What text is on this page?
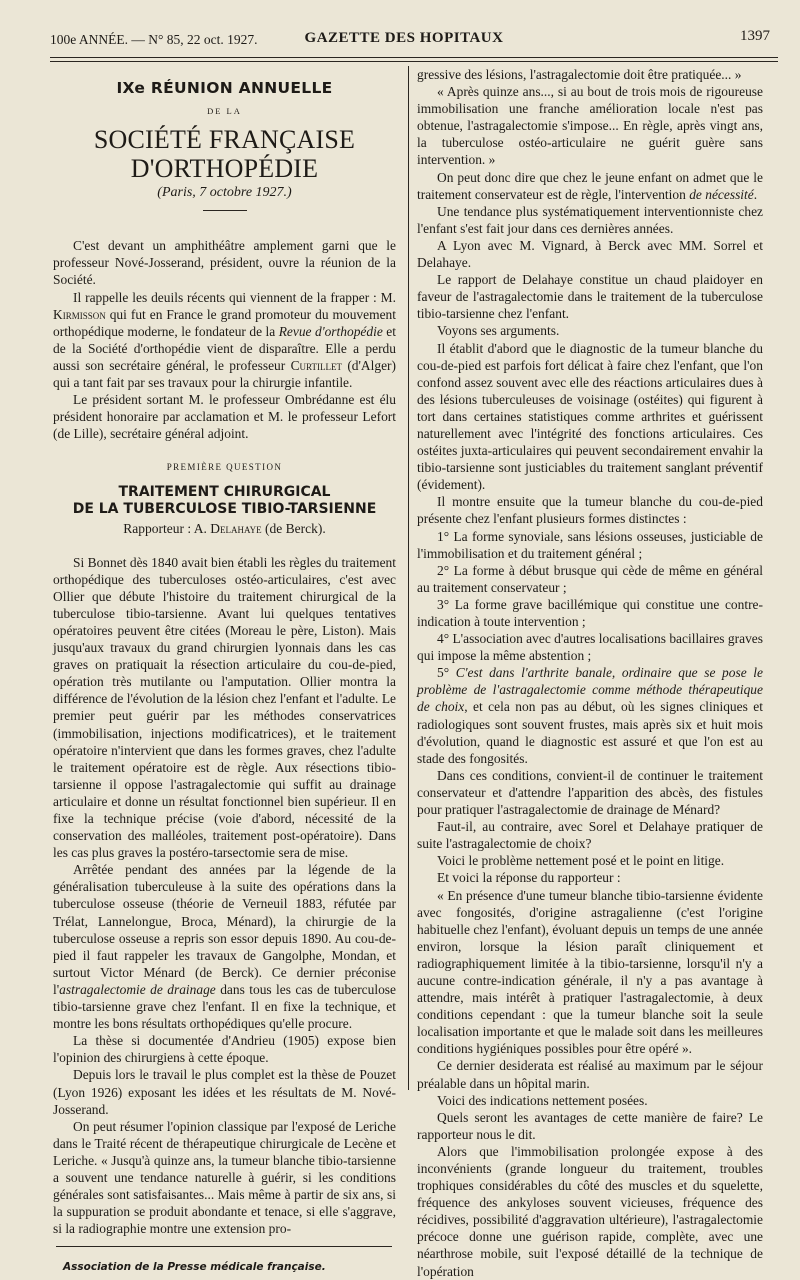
100e ANNÉE. — N° 85, 22 oct. 1927.	GAZETTE DES HOPITAUX	1397
IXe RÉUNION ANNUELLE
DE LA
SOCIÉTÉ FRANÇAISE D'ORTHOPÉDIE
(Paris, 7 octobre 1927.)

C'est devant un amphithéâtre amplement garni que le professeur Nové-Josserand, président, ouvre la réunion de la Société.

Il rappelle les deuils récents qui viennent de la frapper : M. Kirmisson qui fut en France le grand promoteur du mouvement orthopédique moderne, le fondateur de la Revue d'orthopédie et de la Société d'orthopédie vient de disparaître. Elle a perdu aussi son secrétaire général, le professeur Curtillet (d'Alger) qui a tant fait par ses travaux pour la chirurgie infantile.

Le président sortant M. le professeur Ombrédanne est élu président honoraire par acclamation et M. le professeur Lefort (de Lille), secrétaire général adjoint.

PREMIÈRE QUESTION
TRAITEMENT CHIRURGICAL
DE LA TUBERCULOSE TIBIO-TARSIENNE
Rapporteur : A. Delahaye (de Berck).

Si Bonnet dès 1840 avait bien établi les règles du traitement orthopédique des tuberculoses ostéo-articulaires, c'est avec Ollier que débute l'histoire du traitement chirurgical de la tuberculose tibio-tarsienne. Avant lui quelques tentatives opératoires peuvent être citées (Moreau le père, Liston). Mais jusqu'aux travaux du grand chirurgien lyonnais dans les cas graves on pratiquait la résection articulaire du cou-de-pied, opération très mutilante ou l'amputation. Ollier montra la différence de l'évolution de la lésion chez l'enfant et l'adulte. Le premier peut guérir par les méthodes conservatrices (immobilisation, injections modificatrices), et le traitement opératoire n'intervient que dans les formes graves, chez l'adulte le traitement opératoire est de règle. Aux résections tibio-tarsienne il oppose l'astragalectomie qui suffit au drainage articulaire et donne un résultat fonctionnel bien supérieur. Il en fixe la technique précise (voie d'abord, nécessité de la conservation des malléoles, traitement post-opératoire). Dans les cas plus graves la postéro-tarsectomie sera de mise.

Arrêtée pendant des années par la légende de la généralisation tuberculeuse à la suite des opérations dans la tuberculose osseuse (théorie de Verneuil 1883, réfutée par Trélat, Lannelongue, Broca, Ménard), la chirurgie de la tuberculose osseuse a repris son essor depuis 1890. Au cou-de-pied il faut rappeler les travaux de Gangolphe, Mondan, et surtout Victor Ménard (de Berck). Ce dernier préconise l'astragalectomie de drainage dans tous les cas de tuberculose tibio-tarsienne grave chez l'enfant. Il en fixe la technique, et montre les bons résultats orthopédiques qu'elle procure.

La thèse si documentée d'Andrieu (1905) expose bien l'opinion des chirurgiens à cette époque.

Depuis lors le travail le plus complet est la thèse de Pouzet (Lyon 1926) exposant les idées et les résultats de M. Nové-Josserand.

On peut résumer l'opinion classique par l'exposé de Leriche dans le Traité récent de thérapeutique chirurgicale de Lecène et Leriche. « Jusqu'à quinze ans, la tumeur blanche tibio-tarsienne a souvent une tendance naturelle à guérir, si les conditions générales sont satisfaisantes... Mais même à partir de six ans, si la suppuration se produit abondante et tenace, si elle s'aggrave, si la radiographie montre une extension pro-

Association de la Presse médicale française.

gressive des lésions, l'astragalectomie doit être pratiquée... »

« Après quinze ans..., si au bout de trois mois de rigoureuse immobilisation une franche amélioration locale n'est pas obtenue, l'astragalectomie s'impose... En règle, après vingt ans, la tuberculose ostéo-articulaire ne guérit guère sans intervention. »

On peut donc dire que chez le jeune enfant on admet que le traitement conservateur est de règle, l'intervention de nécessité.

Une tendance plus systématiquement interventionniste chez l'enfant s'est fait jour dans ces dernières années.

A Lyon avec M. Vignard, à Berck avec MM. Sorrel et Delahaye.

Le rapport de Delahaye constitue un chaud plaidoyer en faveur de l'astragalectomie dans le traitement de la tuberculose tibio-tarsienne chez l'enfant.

Voyons ses arguments.

Il établit d'abord que le diagnostic de la tumeur blanche du cou-de-pied est parfois fort délicat à faire chez l'enfant, que l'on confond assez souvent avec elle des réactions articulaires dues à des lésions tuberculeuses de voisinage (ostéites) qui figurent à tort dans certaines statistiques comme arthrites et guérissent naturellement avec l'intégrité des fonctions articulaires. Ces ostéites juxta-articulaires qui peuvent secondairement envahir la tibio-tarsienne sont justiciables du traitement sanglant préventif (évidement).

Il montre ensuite que la tumeur blanche du cou-de-pied présente chez l'enfant plusieurs formes distinctes :

1° La forme synoviale, sans lésions osseuses, justiciable de l'immobilisation et du traitement général ;

2° La forme à début brusque qui cède de même en général au traitement conservateur ;

3° La forme grave bacillémique qui constitue une contre-indication à toute intervention ;

4° L'association avec d'autres localisations bacillaires graves qui impose la même abstention ;

5° C'est dans l'arthrite banale, ordinaire que se pose le problème de l'astragalectomie comme méthode thérapeutique de choix, et cela non pas au début, où les signes cliniques et radiologiques sont souvent frustes, mais après six et huit mois d'évolution, quand le diagnostic est assuré et que l'on est au stade des fongosités.

Dans ces conditions, convient-il de continuer le traitement conservateur et d'attendre l'apparition des abcès, des fistules pour pratiquer l'astragalectomie de drainage de Ménard?

Faut-il, au contraire, avec Sorel et Delahaye pratiquer de suite l'astragalectomie de choix?

Voici le problème nettement posé et le point en litige.

Et voici la réponse du rapporteur :

« En présence d'une tumeur blanche tibio-tarsienne évidente avec fongosités, d'origine astragalienne (c'est l'origine habituelle chez l'enfant), évoluant depuis un temps de une année environ, lorsque la lésion paraît cliniquement et radiographiquement limitée à la tibio-tarsienne, lorsqu'il n'y a aucune contre-indication générale, il n'y a pas avantage à attendre, mais intérêt à pratiquer l'astragalectomie, à deux conditions cependant : que la tumeur blanche soit la seule localisation importante et que le malade soit dans les meilleures conditions hygiéniques possibles pour être opéré ».

Ce dernier desiderata est réalisé au maximum par le séjour préalable dans un hôpital marin.

Voici des indications nettement posées.

Quels seront les avantages de cette manière de faire? Le rapporteur nous le dit.

Alors que l'immobilisation prolongée expose à des inconvénients (grande longueur du traitement, troubles trophiques considérables du côté des muscles et du squelette, fréquence des ankyloses souvent vicieuses, fréquence des récidives, possibilité d'aggravation ultérieure), l'astragalectomie précoce donne une guérison rapide, complète, avec une néarthrose mobile, suit l'exposé détaillé de la technique de l'opération
